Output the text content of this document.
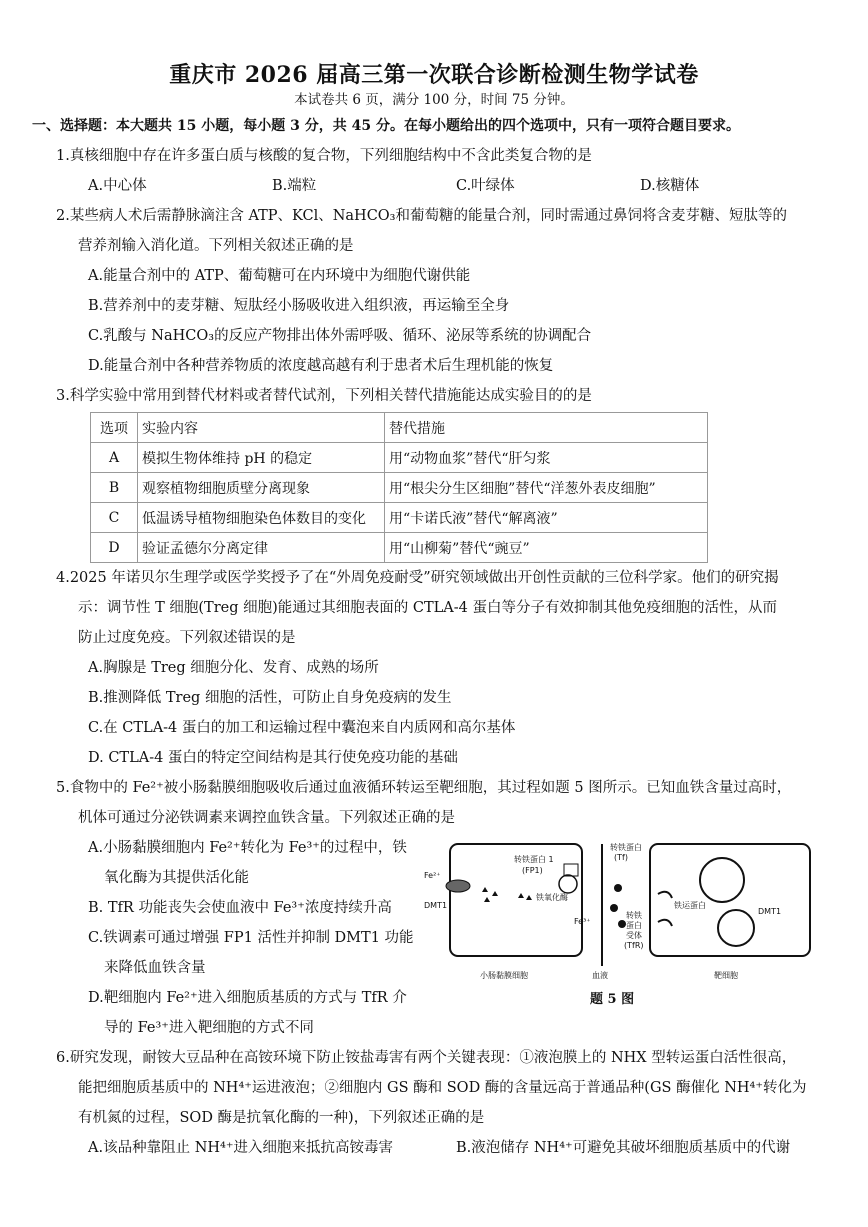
重庆市 2026 届高三第一次联合诊断检测生物学试卷
本试卷共 6 页，满分 100 分，时间 75 分钟。
一、选择题：本大题共 15 小题，每小题 3 分，共 45 分。在每小题给出的四个选项中，只有一项符合题目要求。
1.真核细胞中存在许多蛋白质与核酸的复合物，下列细胞结构中不含此类复合物的是
A.中心体	B.端粒	C.叶绿体	D.核糖体
2.某些病人术后需静脉滴注含 ATP、KCl、NaHCO₃和葡萄糖的能量合剂，同时需通过鼻饲将含麦芽糖、短肽等的
营养剂输入消化道。下列相关叙述正确的是
A.能量合剂中的 ATP、葡萄糖可在内环境中为细胞代谢供能
B.营养剂中的麦芽糖、短肽经小肠吸收进入组织液，再运输至全身
C.乳酸与 NaHCO₃的反应产物排出体外需呼吸、循环、泌尿等系统的协调配合
D.能量合剂中各种营养物质的浓度越高越有利于患者术后生理机能的恢复
3.科学实验中常用到替代材料或者替代试剂，下列相关替代措施能达成实验目的的是
选项	实验内容	替代措施
A	模拟生物体维持 pH 的稳定	用“动物血浆”替代“肝匀浆
B	观察植物细胞质壁分离现象	用“根尖分生区细胞”替代“洋葱外表皮细胞”
C	低温诱导植物细胞染色体数目的变化	用“卡诺氏液”替代“解离液”
D	验证孟德尔分离定律	用“山柳菊”替代“豌豆”
4.2025 年诺贝尔生理学或医学奖授予了在“外周免疫耐受”研究领域做出开创性贡献的三位科学家。他们的研究揭
示：调节性 T 细胞(Treg 细胞)能通过其细胞表面的 CTLA-4 蛋白等分子有效抑制其他免疫细胞的活性，从而
防止过度免疫。下列叙述错误的是
A.胸腺是 Treg 细胞分化、发育、成熟的场所
B.推测降低 Treg 细胞的活性，可防止自身免疫病的发生
C.在 CTLA-4 蛋白的加工和运输过程中囊泡来自内质网和高尔基体
D. CTLA-4 蛋白的特定空间结构是其行使免疫功能的基础
5.食物中的 Fe²⁺被小肠黏膜细胞吸收后通过血液循环转运至靶细胞，其过程如题 5 图所示。已知血铁含量过高时，
机体可通过分泌铁调素来调控血铁含量。下列叙述正确的是
A.小肠黏膜细胞内 Fe²⁺转化为 Fe³⁺的过程中，铁
氧化酶为其提供活化能
B. TfR 功能丧失会使血液中 Fe³⁺浓度持续升高
C.铁调素可通过增强 FP1 活性并抑制 DMT1 功能
来降低血铁含量
D.靶细胞内 Fe²⁺进入细胞质基质的方式与 TfR 介
导的 Fe³⁺进入靶细胞的方式不同
Fe²⁺
DMT1
转铁蛋白 1
(FP1)
铁氧化酶
Fe³⁺
小肠黏膜细胞	血液
转铁蛋白
(Tf)
转铁
蛋白
受体
(TfR)
铁运蛋白
DMT1
靶细胞
题 5 图
6.研究发现，耐铵大豆品种在高铵环境下防止铵盐毒害有两个关键表现：①液泡膜上的 NHX 型转运蛋白活性很高，
能把细胞质基质中的 NH⁴⁺运进液泡；②细胞内 GS 酶和 SOD 酶的含量远高于普通品种(GS 酶催化 NH⁴⁺转化为
有机氮的过程，SOD 酶是抗氧化酶的一种)，下列叙述正确的是
A.该品种靠阻止 NH⁴⁺进入细胞来抵抗高铵毒害	B.液泡储存 NH⁴⁺可避免其破坏细胞质基质中的代谢
